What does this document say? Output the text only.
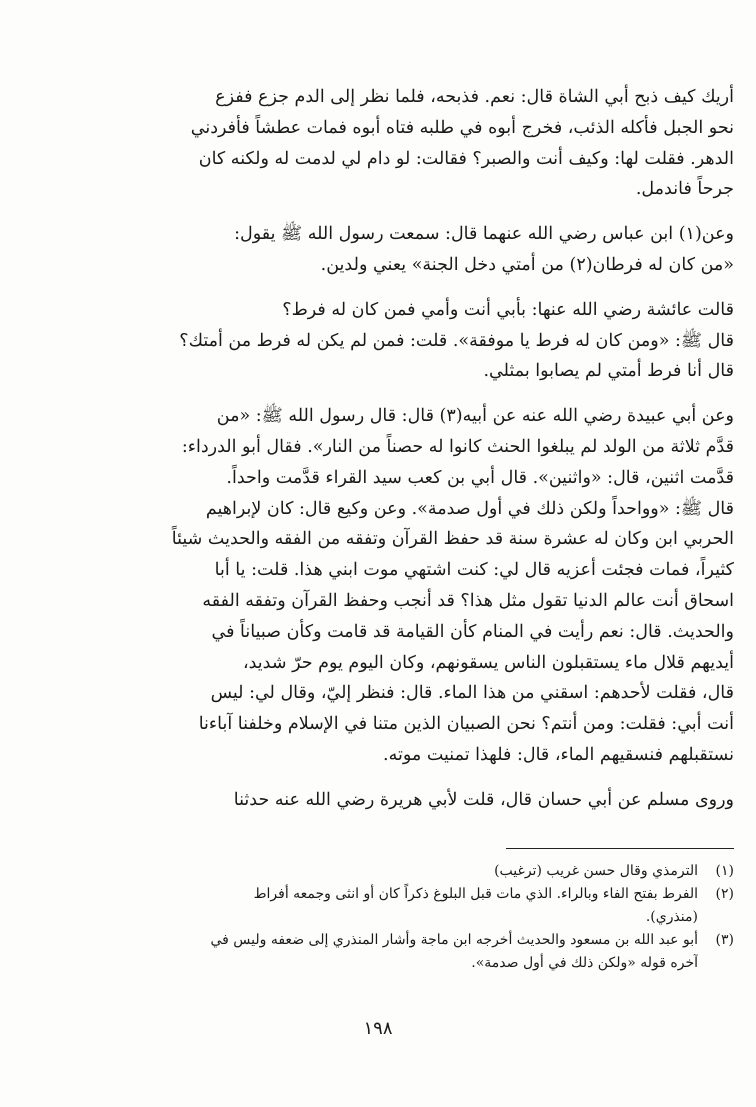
أريك كيف ذبح أبي الشاة قال: نعم. فذبحه، فلما نظر إلى الدم جزع ففزع
نحو الجبل فأكله الذئب، فخرج أبوه في طلبه فتاه أبوه فمات عطشاً فأفردني
الدهر. فقلت لها: وكيف أنت والصبر؟ فقالت: لو دام لي لدمت له ولكنه كان
جرحاً فاندمل.
وعن(١) ابن عباس رضي الله عنهما قال: سمعت رسول الله ﷺ يقول:
«من كان له فرطان(٢) من أمتي دخل الجنة» يعني ولدين.
قالت عائشة رضي الله عنها: بأبي أنت وأمي فمن كان له فرط؟
قال ﷺ: «ومن كان له فرط يا موفقة». قلت: فمن لم يكن له فرط من أمتك؟
قال أنا فرط أمتي لم يصابوا بمثلي.
وعن أبي عبيدة رضي الله عنه عن أبيه(٣) قال: قال رسول الله ﷺ: «من
قدَّم ثلاثة من الولد لم يبلغوا الحنث كانوا له حصناً من النار». فقال أبو الدرداء:
قدَّمت اثنين، قال: «واثنين». قال أبي بن كعب سيد القراء قدَّمت واحداً.
قال ﷺ: «وواحداً ولكن ذلك في أول صدمة». وعن وكيع قال: كان لإبراهيم
الحربي ابن وكان له عشرة سنة قد حفظ القرآن وتفقه من الفقه والحديث شيئاً
كثيراً، فمات فجئت أعزيه قال لي: كنت اشتهي موت ابني هذا. قلت: يا أبا
اسحاق أنت عالم الدنيا تقول مثل هذا؟ قد أنجب وحفظ القرآن وتفقه الفقه
والحديث. قال: نعم رأيت في المنام كأن القيامة قد قامت وكأن صبياناً في
أيديهم قلال ماء يستقبلون الناس يسقونهم، وكان اليوم يوم حرّ شديد،
قال، فقلت لأحدهم: اسقني من هذا الماء. قال: فنظر إليّ، وقال لي: ليس
أنت أبي: فقلت: ومن أنتم؟ نحن الصبيان الذين متنا في الإسلام وخلفنا آباءنا
نستقبلهم فنسقيهم الماء، قال: فلهذا تمنيت موته.
وروى مسلم عن أبي حسان قال، قلت لأبي هريرة رضي الله عنه حدثنا
(١)
الترمذي وقال حسن غريب (ترغيب)
(٢)
الفرط بفتح الفاء وبالراء. الذي مات قبل البلوغ ذكراً كان أو انثى وجمعه أفراط
(منذري).
(٣)
أبو عبد الله بن مسعود والحديث أخرجه ابن ماجة وأشار المنذري إلى ضعفه وليس في
آخره قوله «ولكن ذلك في أول صدمة».
١٩٨
